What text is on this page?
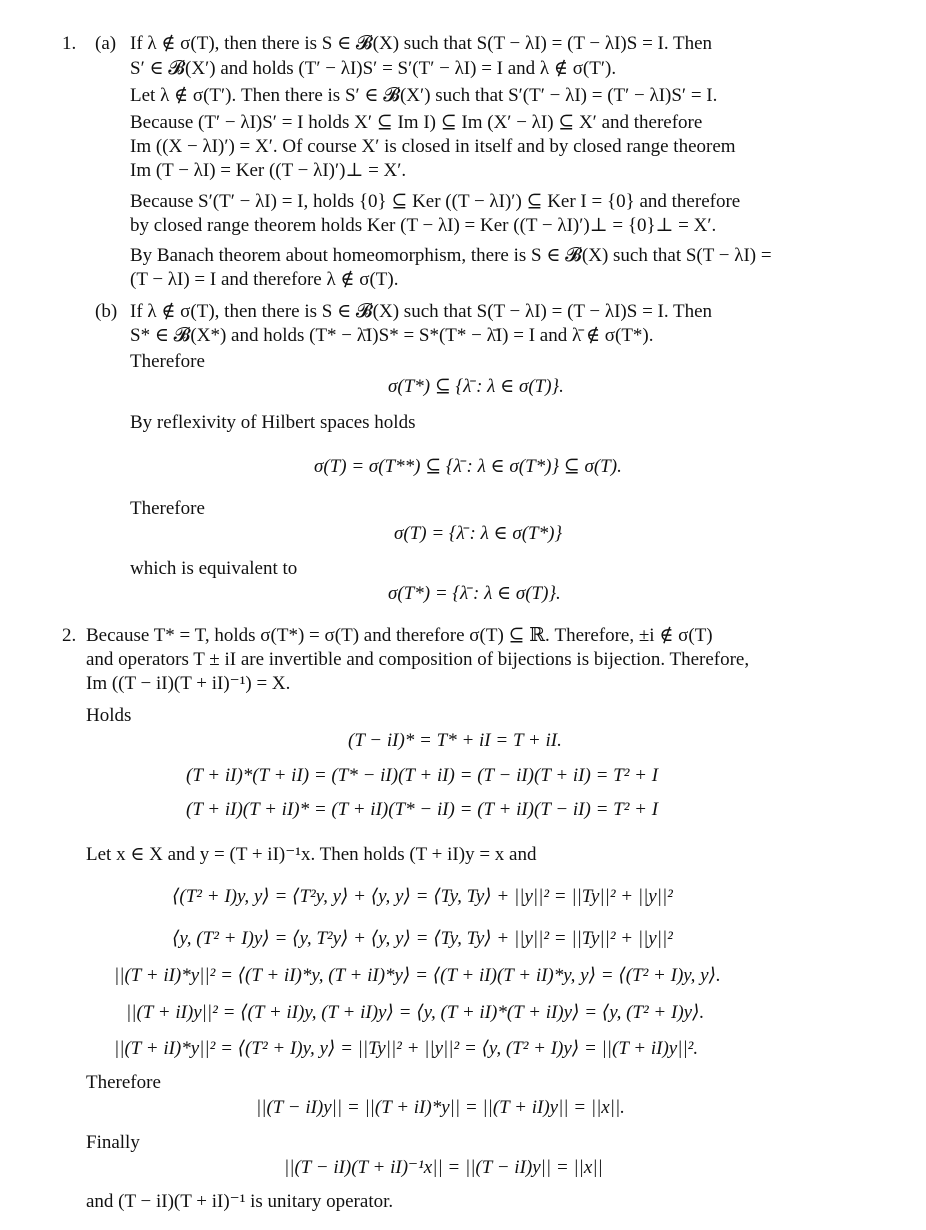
1. (a) If λ ∉ σ(T), then there is S ∈ 𝓑(X) such that S(T − λI) = (T − λI)S = I. Then
S′ ∈ 𝓑(X′) and holds (T′ − λI)S′ = S′(T′ − λI) = I and λ ∉ σ(T′).
Let λ ∉ σ(T′). Then there is S′ ∈ 𝓑(X′) such that S′(T′ − λI) = (T′ − λI)S′ = I.
Because (T′ − λI)S′ = I holds X′ ⊆ Im I) ⊆ Im (X′ − λI) ⊆ X′ and therefore
Im ((X − λI)′) = X′. Of course X′ is closed in itself and by closed range theorem
Im (T − λI) = Ker ((T − λI)′)⊥ = X′.
Because S′(T′ − λI) = I, holds {0} ⊆ Ker ((T − λI)′) ⊆ Ker I = {0} and therefore
by closed range theorem holds Ker (T − λI) = Ker ((T − λI)′)⊥ = {0}⊥ = X′.
By Banach theorem about homeomorphism, there is S ∈ 𝓑(X) such that S(T − λI) =
(T − λI) = I and therefore λ ∉ σ(T).
(b) If λ ∉ σ(T), then there is S ∈ 𝓑(X) such that S(T − λI) = (T − λI)S = I. Then
S* ∈ 𝓑(X*) and holds (T* − λ̄I)S* = S*(T* − λ̄I) = I and λ̄ ∉ σ(T*).
Therefore
σ(T*) ⊆ {λ̄ : λ ∈ σ(T)}.
By reflexivity of Hilbert spaces holds
σ(T) = σ(T**) ⊆ {λ̄ : λ ∈ σ(T*)} ⊆ σ(T).
Therefore
σ(T) = {λ̄ : λ ∈ σ(T*)}
which is equivalent to
σ(T*) = {λ̄ : λ ∈ σ(T)}.
2. Because T* = T, holds σ(T*) = σ(T) and therefore σ(T) ⊆ ℝ. Therefore, ±i ∉ σ(T)
and operators T ± iI are invertible and composition of bijections is bijection. Therefore,
Im ((T − iI)(T + iI)⁻¹) = X.
Holds
(T − iI)* = T* + iI = T + iI.
(T + iI)*(T + iI) = (T* − iI)(T + iI) = (T − iI)(T + iI) = T² + I
(T + iI)(T + iI)* = (T + iI)(T* − iI) = (T + iI)(T − iI) = T² + I
Let x ∈ X and y = (T + iI)⁻¹x. Then holds (T + iI)y = x and
⟨(T² + I)y, y⟩ = ⟨T²y, y⟩ + ⟨y, y⟩ = ⟨Ty, Ty⟩ + ||y||² = ||Ty||² + ||y||²
⟨y, (T² + I)y⟩ = ⟨y, T²y⟩ + ⟨y, y⟩ = ⟨Ty, Ty⟩ + ||y||² = ||Ty||² + ||y||²
||(T + iI)*y||² = ⟨(T + iI)*y, (T + iI)*y⟩ = ⟨(T + iI)(T + iI)*y, y⟩ = ⟨(T² + I)y, y⟩.
||(T + iI)y||² = ⟨(T + iI)y, (T + iI)y⟩ = ⟨y, (T + iI)*(T + iI)y⟩ = ⟨y, (T² + I)y⟩.
||(T + iI)*y||² = ⟨(T² + I)y, y⟩ = ||Ty||² + ||y||² = ⟨y, (T² + I)y⟩ = ||(T + iI)y||².
Therefore
||(T − iI)y|| = ||(T + iI)*y|| = ||(T + iI)y|| = ||x||.
Finally
||(T − iI)(T + iI)⁻¹x|| = ||(T − iI)y|| = ||x||
and (T − iI)(T + iI)⁻¹ is unitary operator.
